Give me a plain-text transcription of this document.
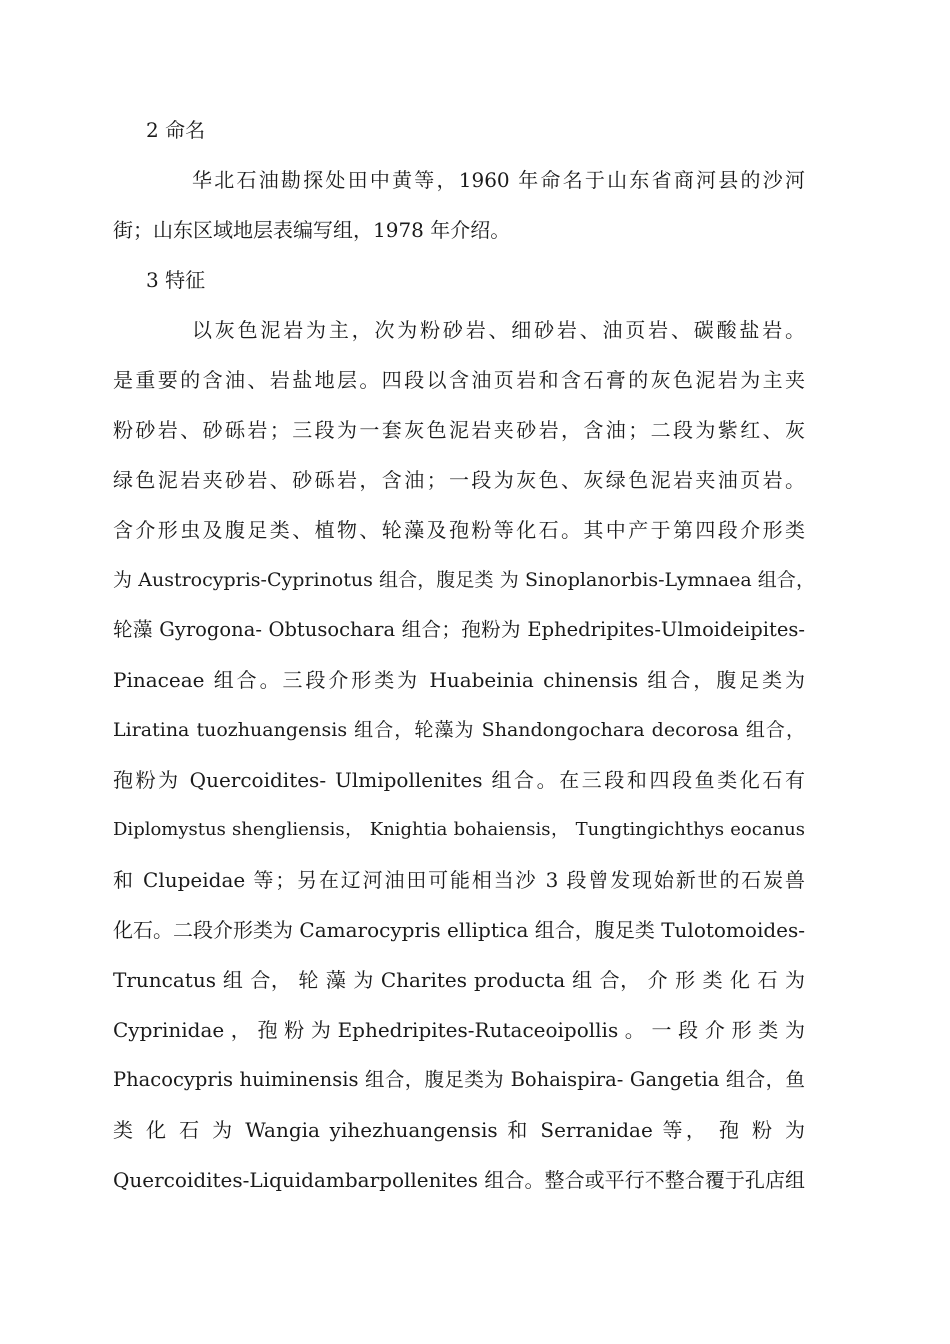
2 命名
华北石油勘探处田中黄等，1960 年命名于山东省商河县的沙河
街；山东区域地层表编写组，1978 年介绍。
3 特征
以灰色泥岩为主，次为粉砂岩、细砂岩、油页岩、碳酸盐岩。
是重要的含油、岩盐地层。四段以含油页岩和含石膏的灰色泥岩为主夹
粉砂岩、砂砾岩；三段为一套灰色泥岩夹砂岩，含油；二段为紫红、灰
绿色泥岩夹砂岩、砂砾岩，含油；一段为灰色、灰绿色泥岩夹油页岩。
含介形虫及腹足类、植物、轮藻及孢粉等化石。其中产于第四段介形类
为 Austrocypris-Cyprinotus 组合，腹足类 为 Sinoplanorbis-Lymnaea 组合，
轮藻 Gyrogona- Obtusochara 组合；孢粉为 Ephedripites-Ulmoideipites-
Pinaceae 组合。三段介形类为 Huabeinia chinensis 组合，腹足类为
Liratina tuozhuangensis 组合，轮藻为 Shandongochara decorosa 组合，
孢粉为 Quercoidites- Ulmipollenites 组合。在三段和四段鱼类化石有
Diplomystus shengliensis， Knightia bohaiensis， Tungtingichthys eocanus
和 Clupeidae 等；另在辽河油田可能相当沙 3 段曾发现始新世的石炭兽
化石。二段介形类为 Camarocypris elliptica 组合，腹足类 Tulotomoides-
Truncatus 组 合， 轮 藻 为 Charites producta 组 合， 介 形 类 化 石 为
Cyprinidae ， 孢 粉 为 Ephedripites-Rutaceoipollis 。 一 段 介 形 类 为
Phacocypris huiminensis 组合，腹足类为 Bohaispira- Gangetia 组合，鱼
类 化 石 为 Wangia yihezhuangensis 和 Serranidae 等， 孢 粉 为
Quercoidites-Liquidambarpollenites 组合。整合或平行不整合覆于孔店组
